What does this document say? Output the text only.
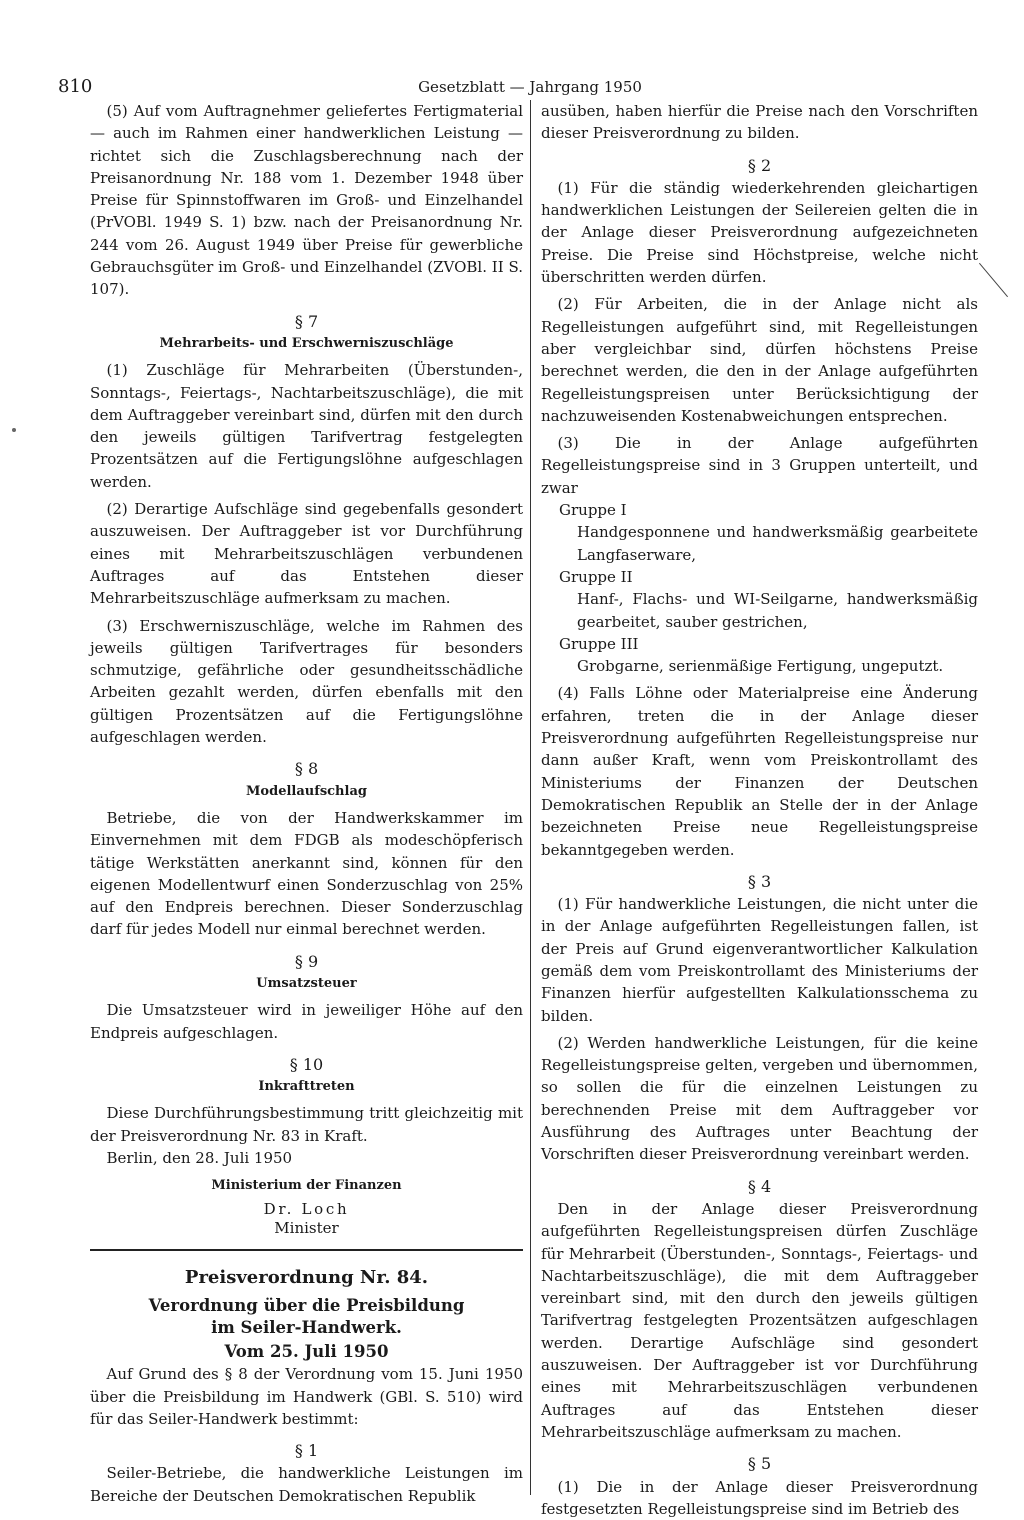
810	Gesetzblatt — Jahrgang 1950

(5) Auf vom Auftragnehmer geliefertes Fertigmaterial — auch im Rahmen einer handwerklichen Leistung — richtet sich die Zuschlagsberechnung nach der Preisanordnung Nr. 188 vom 1. Dezember 1948 über Preise für Spinnstoffwaren im Groß- und Einzelhandel (PrVOBl. 1949 S. 1) bzw. nach der Preisanordnung Nr. 244 vom 26. August 1949 über Preise für gewerbliche Gebrauchsgüter im Groß- und Einzelhandel (ZVOBl. II S. 107).

§ 7
Mehrarbeits- und Erschwerniszuschläge

(1) Zuschläge für Mehrarbeiten (Überstunden-, Sonntags-, Feiertags-, Nachtarbeitszuschläge), die mit dem Auftraggeber vereinbart sind, dürfen mit den durch den jeweils gültigen Tarifvertrag festgelegten Prozentsätzen auf die Fertigungslöhne aufgeschlagen werden.

(2) Derartige Aufschläge sind gegebenfalls gesondert auszuweisen. Der Auftraggeber ist vor Durchführung eines mit Mehrarbeitszuschlägen verbundenen Auftrages auf das Entstehen dieser Mehrarbeitszuschläge aufmerksam zu machen.

(3) Erschwerniszuschläge, welche im Rahmen des jeweils gültigen Tarifvertrages für besonders schmutzige, gefährliche oder gesundheitsschädliche Arbeiten gezahlt werden, dürfen ebenfalls mit den gültigen Prozentsätzen auf die Fertigungslöhne aufgeschlagen werden.

§ 8
Modellaufschlag

Betriebe, die von der Handwerkskammer im Einvernehmen mit dem FDGB als modeschöpferisch tätige Werkstätten anerkannt sind, können für den eigenen Modellentwurf einen Sonderzuschlag von 25% auf den Endpreis berechnen. Dieser Sonderzuschlag darf für jedes Modell nur einmal berechnet werden.

§ 9
Umsatzsteuer

Die Umsatzsteuer wird in jeweiliger Höhe auf den Endpreis aufgeschlagen.

§ 10
Inkrafttreten

Diese Durchführungsbestimmung tritt gleichzeitig mit der Preisverordnung Nr. 83 in Kraft.

Berlin, den 28. Juli 1950

Ministerium der Finanzen
Dr. Loch
Minister
Preisverordnung Nr. 84.
Verordnung über die Preisbildung
im Seiler-Handwerk.
Vom 25. Juli 1950

Auf Grund des § 8 der Verordnung vom 15. Juni 1950 über die Preisbildung im Handwerk (GBl. S. 510) wird für das Seiler-Handwerk bestimmt:

§ 1

Seiler-Betriebe, die handwerkliche Leistungen im Bereiche der Deutschen Demokratischen Republik

ausüben, haben hierfür die Preise nach den Vorschriften dieser Preisverordnung zu bilden.

§ 2

(1) Für die ständig wiederkehrenden gleichartigen handwerklichen Leistungen der Seilereien gelten die in der Anlage dieser Preisverordnung aufgezeichneten Preise. Die Preise sind Höchstpreise, welche nicht überschritten werden dürfen.

(2) Für Arbeiten, die in der Anlage nicht als Regelleistungen aufgeführt sind, mit Regelleistungen aber vergleichbar sind, dürfen höchstens Preise berechnet werden, die den in der Anlage aufgeführten Regelleistungspreisen unter Berücksichtigung der nachzuweisenden Kostenabweichungen entsprechen.

(3) Die in der Anlage aufgeführten Regelleistungspreise sind in 3 Gruppen unterteilt, und zwar

Gruppe I

Handgesponnene und handwerksmäßig gearbeitete Langfaserware,

Gruppe II

Hanf-, Flachs- und WI-Seilgarne, handwerksmäßig gearbeitet, sauber gestrichen,

Gruppe III

Grobgarne, serienmäßige Fertigung, ungeputzt.

(4) Falls Löhne oder Materialpreise eine Änderung erfahren, treten die in der Anlage dieser Preisverordnung aufgeführten Regelleistungspreise nur dann außer Kraft, wenn vom Preiskontrollamt des Ministeriums der Finanzen der Deutschen Demokratischen Republik an Stelle der in der Anlage bezeichneten Preise neue Regelleistungspreise bekanntgegeben werden.

§ 3

(1) Für handwerkliche Leistungen, die nicht unter die in der Anlage aufgeführten Regelleistungen fallen, ist der Preis auf Grund eigenverantwortlicher Kalkulation gemäß dem vom Preiskontrollamt des Ministeriums der Finanzen hierfür aufgestellten Kalkulationsschema zu bilden.

(2) Werden handwerkliche Leistungen, für die keine Regelleistungspreise gelten, vergeben und übernommen, so sollen die für die einzelnen Leistungen zu berechnenden Preise mit dem Auftraggeber vor Ausführung des Auftrages unter Beachtung der Vorschriften dieser Preisverordnung vereinbart werden.

§ 4

Den in der Anlage dieser Preisverordnung aufgeführten Regelleistungspreisen dürfen Zuschläge für Mehrarbeit (Überstunden-, Sonntags-, Feiertags- und Nachtarbeitszuschläge), die mit dem Auftraggeber vereinbart sind, mit den durch den jeweils gültigen Tarifvertrag festgelegten Prozentsätzen aufgeschlagen werden. Derartige Aufschläge sind gesondert auszuweisen. Der Auftraggeber ist vor Durchführung eines mit Mehrarbeitszuschlägen verbundenen Auftrages auf das Entstehen dieser Mehrarbeitszuschläge aufmerksam zu machen.

§ 5

(1) Die in der Anlage dieser Preisverordnung festgesetzten Regelleistungspreise sind im Betrieb des
